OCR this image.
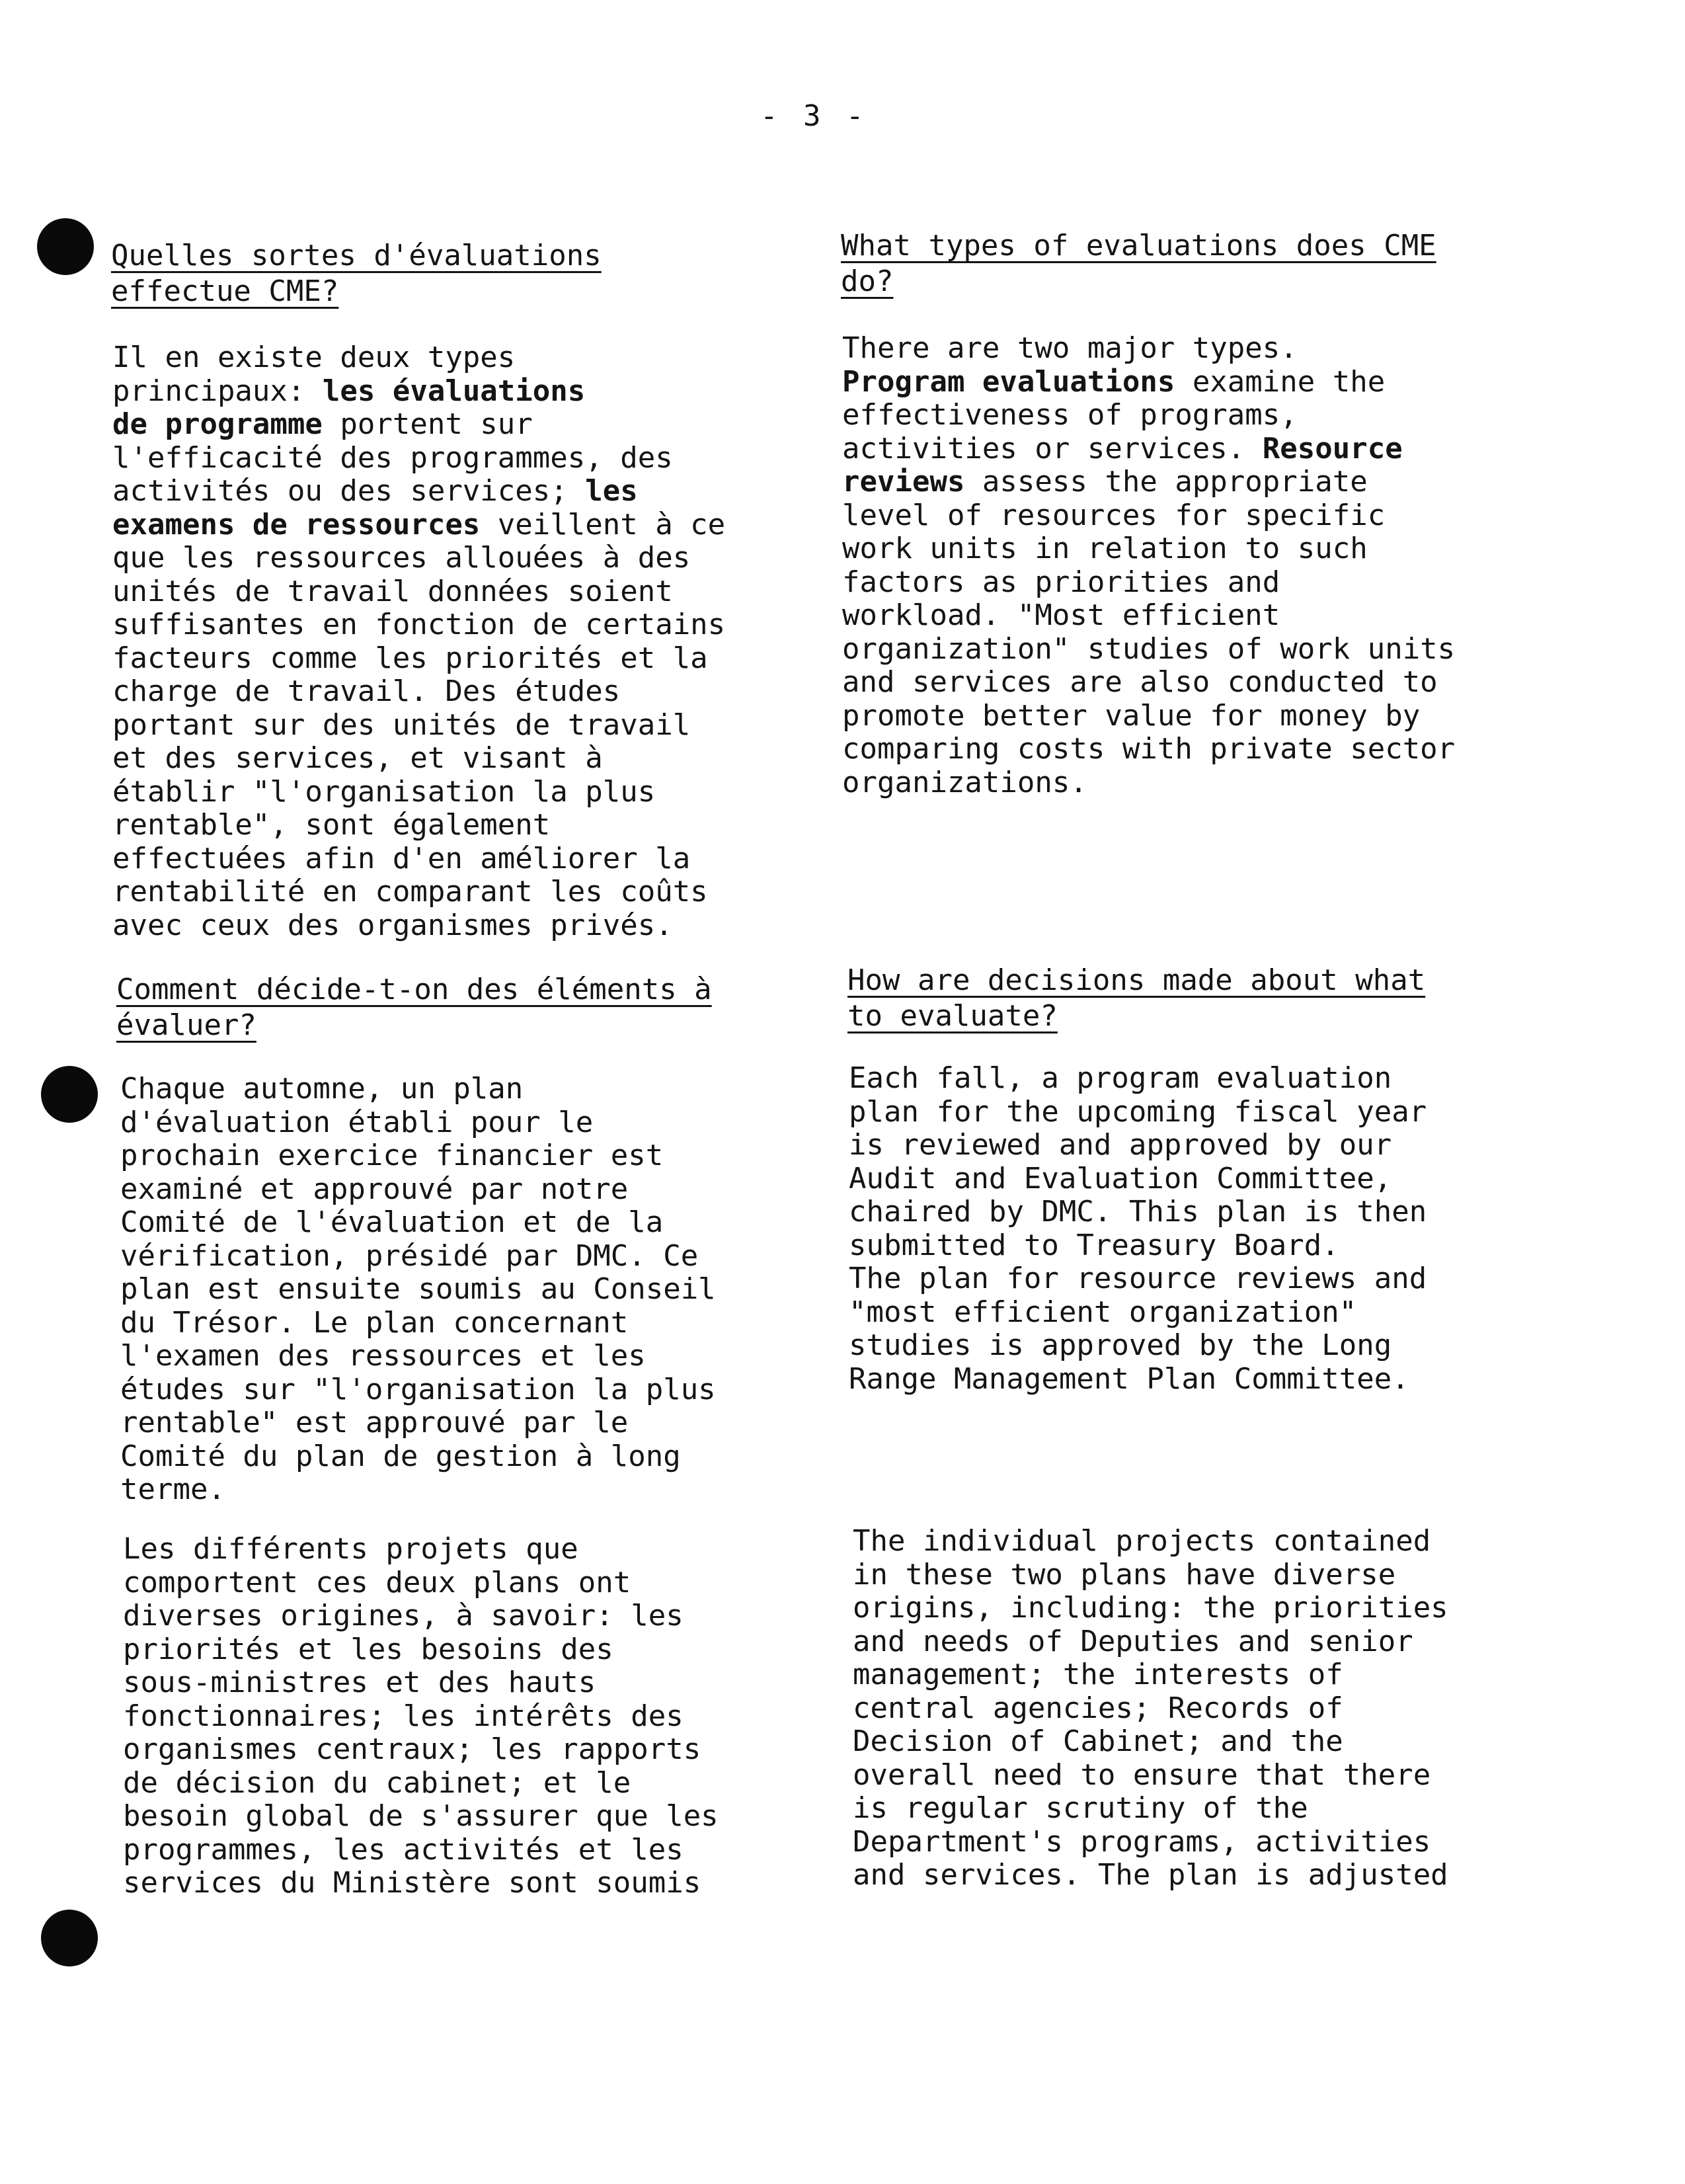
- 3 -
Quelles sortes d'évaluations
effectue CME?
Il en existe deux types
principaux: les évaluations
de programme portent sur
l'efficacité des programmes, des
activités ou des services; les
examens de ressources veillent à ce
que les ressources allouées à des
unités de travail données soient
suffisantes en fonction de certains
facteurs comme les priorités et la
charge de travail. Des études
portant sur des unités de travail
et des services, et visant à
établir "l'organisation la plus
rentable", sont également
effectuées afin d'en améliorer la
rentabilité en comparant les coûts
avec ceux des organismes privés.
Comment décide-t-on des éléments à
évaluer?
Chaque automne, un plan
d'évaluation établi pour le
prochain exercice financier est
examiné et approuvé par notre
Comité de l'évaluation et de la
vérification, présidé par DMC. Ce
plan est ensuite soumis au Conseil
du Trésor. Le plan concernant
l'examen des ressources et les
études sur "l'organisation la plus
rentable" est approuvé par le
Comité du plan de gestion à long
terme.
Les différents projets que
comportent ces deux plans ont
diverses origines, à savoir: les
priorités et les besoins des
sous-ministres et des hauts
fonctionnaires; les intérêts des
organismes centraux; les rapports
de décision du cabinet; et le
besoin global de s'assurer que les
programmes, les activités et les
services du Ministère sont soumis
What types of evaluations does CME
do?
There are two major types.
Program evaluations examine the
effectiveness of programs,
activities or services. Resource
reviews assess the appropriate
level of resources for specific
work units in relation to such
factors as priorities and
workload. "Most efficient
organization" studies of work units
and services are also conducted to
promote better value for money by
comparing costs with private sector
organizations.
How are decisions made about what
to evaluate?
Each fall, a program evaluation
plan for the upcoming fiscal year
is reviewed and approved by our
Audit and Evaluation Committee,
chaired by DMC. This plan is then
submitted to Treasury Board.
The plan for resource reviews and
"most efficient organization"
studies is approved by the Long
Range Management Plan Committee.
The individual projects contained
in these two plans have diverse
origins, including: the priorities
and needs of Deputies and senior
management; the interests of
central agencies; Records of
Decision of Cabinet; and the
overall need to ensure that there
is regular scrutiny of the
Department's programs, activities
and services. The plan is adjusted
